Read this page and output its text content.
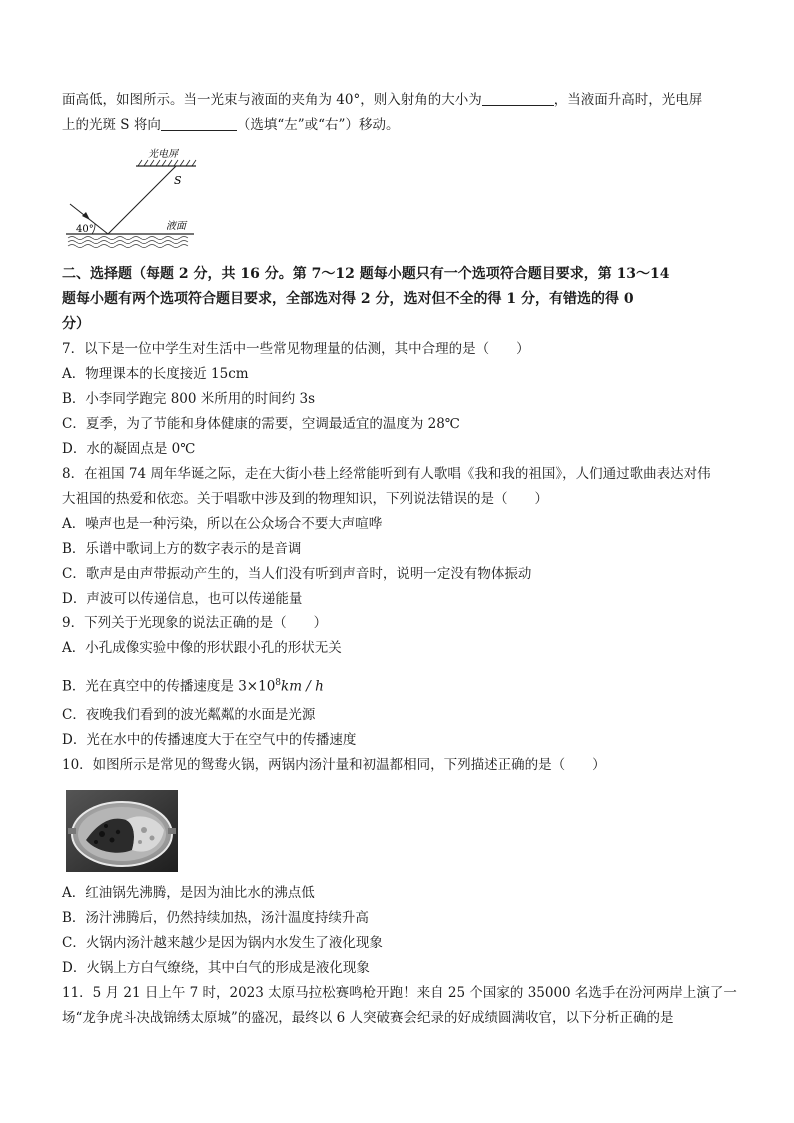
面高低，如图所示。当一光束与液面的夹角为 40°，则入射角的大小为	，当液面升高时，光电屏
上的光斑 S 将向	（选填“左”或“右”）移动。
光电屏
S
液面
40°
二、选择题（每题 2 分，共 16 分。第 7～12 题每小题只有一个选项符合题目要求，第 13～14
题每小题有两个选项符合题目要求，全部选对得 2 分，选对但不全的得 1 分，有错选的得 0
分）
7．以下是一位中学生对生活中一些常见物理量的估测，其中合理的是（　　）
A．物理课本的长度接近 15cm
B．小李同学跑完 800 米所用的时间约 3s
C．夏季，为了节能和身体健康的需要，空调最适宜的温度为 28℃
D．水的凝固点是 0℃
8．在祖国 74 周年华诞之际，走在大街小巷上经常能听到有人歌唱《我和我的祖国》，人们通过歌曲表达对伟
大祖国的热爱和依恋。关于唱歌中涉及到的物理知识，下列说法错误的是（　　）
A．噪声也是一种污染，所以在公众场合不要大声喧哗
B．乐谱中歌词上方的数字表示的是音调
C．歌声是由声带振动产生的，当人们没有听到声音时，说明一定没有物体振动
D．声波可以传递信息，也可以传递能量
9．下列关于光现象的说法正确的是（　　）
A．小孔成像实验中像的形状跟小孔的形状无关
B．光在真空中的传播速度是 $3\times 10^8km / h$
C．夜晚我们看到的波光粼粼的水面是光源
D．光在水中的传播速度大于在空气中的传播速度
10．如图所示是常见的鸳鸯火锅，两锅内汤汁量和初温都相同，下列描述正确的是（　　）
A．红油锅先沸腾，是因为油比水的沸点低
B．汤汁沸腾后，仍然持续加热，汤汁温度持续升高
C．火锅内汤汁越来越少是因为锅内水发生了液化现象
D．火锅上方白气缭绕，其中白气的形成是液化现象
11．5 月 21 日上午 7 时，2023 太原马拉松赛鸣枪开跑！来自 25 个国家的 35000 名选手在汾河两岸上演了一
场“龙争虎斗决战锦绣太原城”的盛况，最终以 6 人突破赛会纪录的好成绩圆满收官，以下分析正确的是
